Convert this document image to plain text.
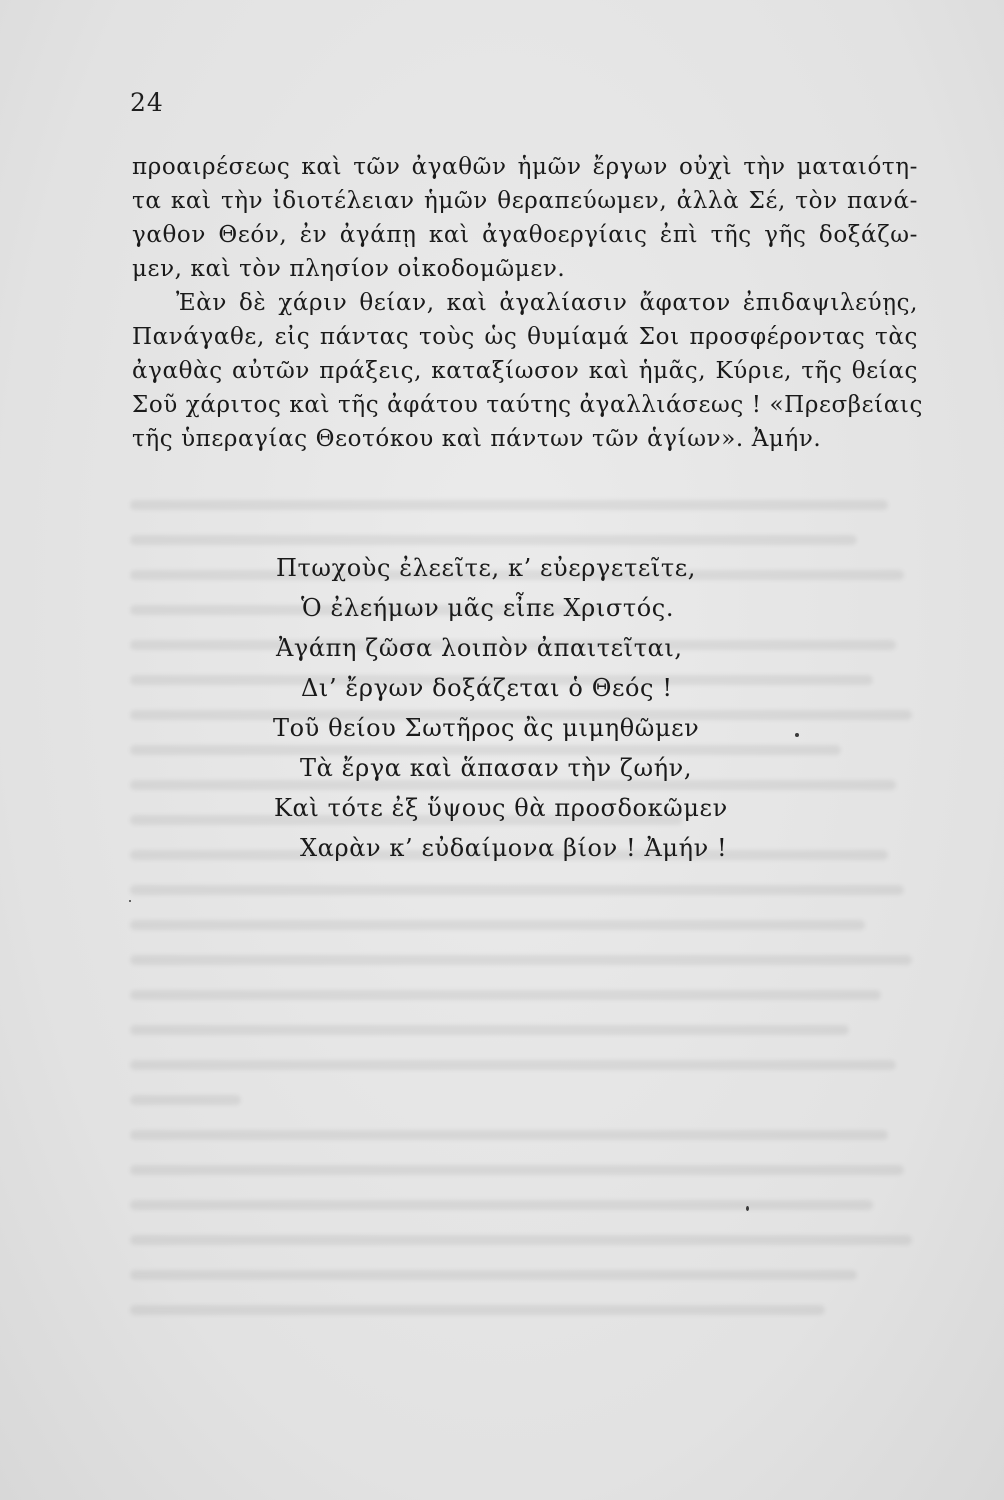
24
προαιρέσεως καὶ τῶν ἀγαθῶν ἡμῶν ἔργων οὐχὶ τὴν ματαιότη-
τα καὶ τὴν ἰδιοτέλειαν ἡμῶν θεραπεύωμεν, ἀλλὰ Σέ, τὸν πανά-
γαθον Θεόν, ἐν ἀγάπῃ καὶ ἀγαθοεργίαις ἐπὶ τῆς γῆς δοξάζω-
μεν, καὶ τὸν πλησίον οἰκοδομῶμεν.
Ἐὰν δὲ χάριν θείαν, καὶ ἀγαλίασιν ἄφατον ἐπιδαψιλεύῃς,
Πανάγαθε, εἰς πάντας τοὺς ὡς θυμίαμά Σοι προσφέροντας τὰς
ἀγαθὰς αὐτῶν πράξεις, καταξίωσον καὶ ἡμᾶς, Κύριε, τῆς θείας
Σοῦ χάριτος καὶ τῆς ἀφάτου ταύτης ἀγαλλιάσεως ! «Πρεσβείαις
τῆς ὑπεραγίας Θεοτόκου καὶ πάντων τῶν ἁγίων». Ἀμήν.
Πτωχοὺς ἐλεεῖτε, κ’ εὐεργετεῖτε,
Ὁ ἐλεήμων μᾶς εἶπε Χριστός.
Ἀγάπη ζῶσα λοιπὸν ἀπαιτεῖται,
Δι’ ἔργων δοξάζεται ὁ Θεός !
Τοῦ θείου Σωτῆρος ἂς μιμηθῶμεν
Τὰ ἔργα καὶ ἅπασαν τὴν ζωήν,
Καὶ τότε ἐξ ὕψους θὰ προσδοκῶμεν
Χαρὰν κ’ εὐδαίμονα βίον ! Ἀμήν !
